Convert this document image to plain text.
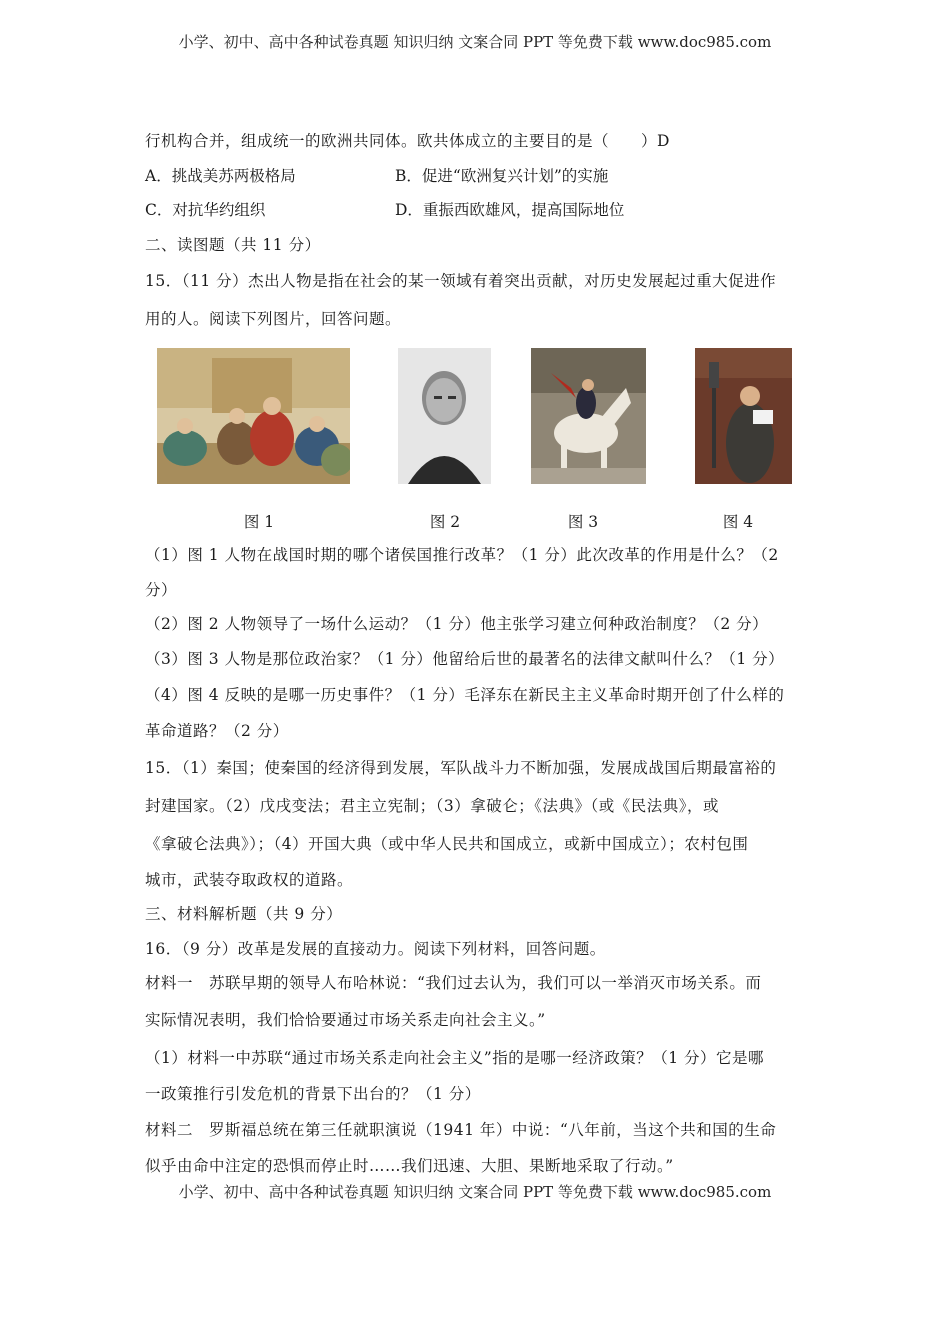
小学、初中、高中各种试卷真题 知识归纳 文案合同 PPT 等免费下载 www.doc985.com
行机构合并，组成统一的欧洲共同体。欧共体成立的主要目的是（　　）D
A．挑战美苏两极格局	B．促进“欧洲复兴计划”的实施
C．对抗华约组织	D．重振西欧雄风，提高国际地位
二、读图题（共 11 分）
15．（11 分）杰出人物是指在社会的某一领域有着突出贡献，对历史发展起过重大促进作
用的人。阅读下列图片，回答问题。
图 1	图 2	图 3	图 4
（1）图 1 人物在战国时期的哪个诸侯国推行改革？（1 分）此次改革的作用是什么？（2
分）
（2）图 2 人物领导了一场什么运动？（1 分）他主张学习建立何种政治制度？（2 分）
（3）图 3 人物是那位政治家？（1 分）他留给后世的最著名的法律文献叫什么？（1 分）
（4）图 4 反映的是哪一历史事件？（1 分）毛泽东在新民主主义革命时期开创了什么样的
革命道路？（2 分）
15．（1）秦国；使秦国的经济得到发展，军队战斗力不断加强，发展成战国后期最富裕的
封建国家。（2）戊戌变法；君主立宪制；（3）拿破仑；《法典》（或《民法典》，或
《拿破仑法典》）；（4）开国大典（或中华人民共和国成立，或新中国成立）；农村包围
城市，武装夺取政权的道路。
三、材料解析题（共 9 分）
16．（9 分）改革是发展的直接动力。阅读下列材料，回答问题。
材料一　苏联早期的领导人布哈林说：“我们过去认为，我们可以一举消灭市场关系。而
实际情况表明，我们恰恰要通过市场关系走向社会主义。”
（1）材料一中苏联“通过市场关系走向社会主义”指的是哪一经济政策？（1 分）它是哪
一政策推行引发危机的背景下出台的？（1 分）
材料二　罗斯福总统在第三任就职演说（1941 年）中说：“八年前，当这个共和国的生命
似乎由命中注定的恐惧而停止时……我们迅速、大胆、果断地采取了行动。”
小学、初中、高中各种试卷真题 知识归纳 文案合同 PPT 等免费下载 www.doc985.com
